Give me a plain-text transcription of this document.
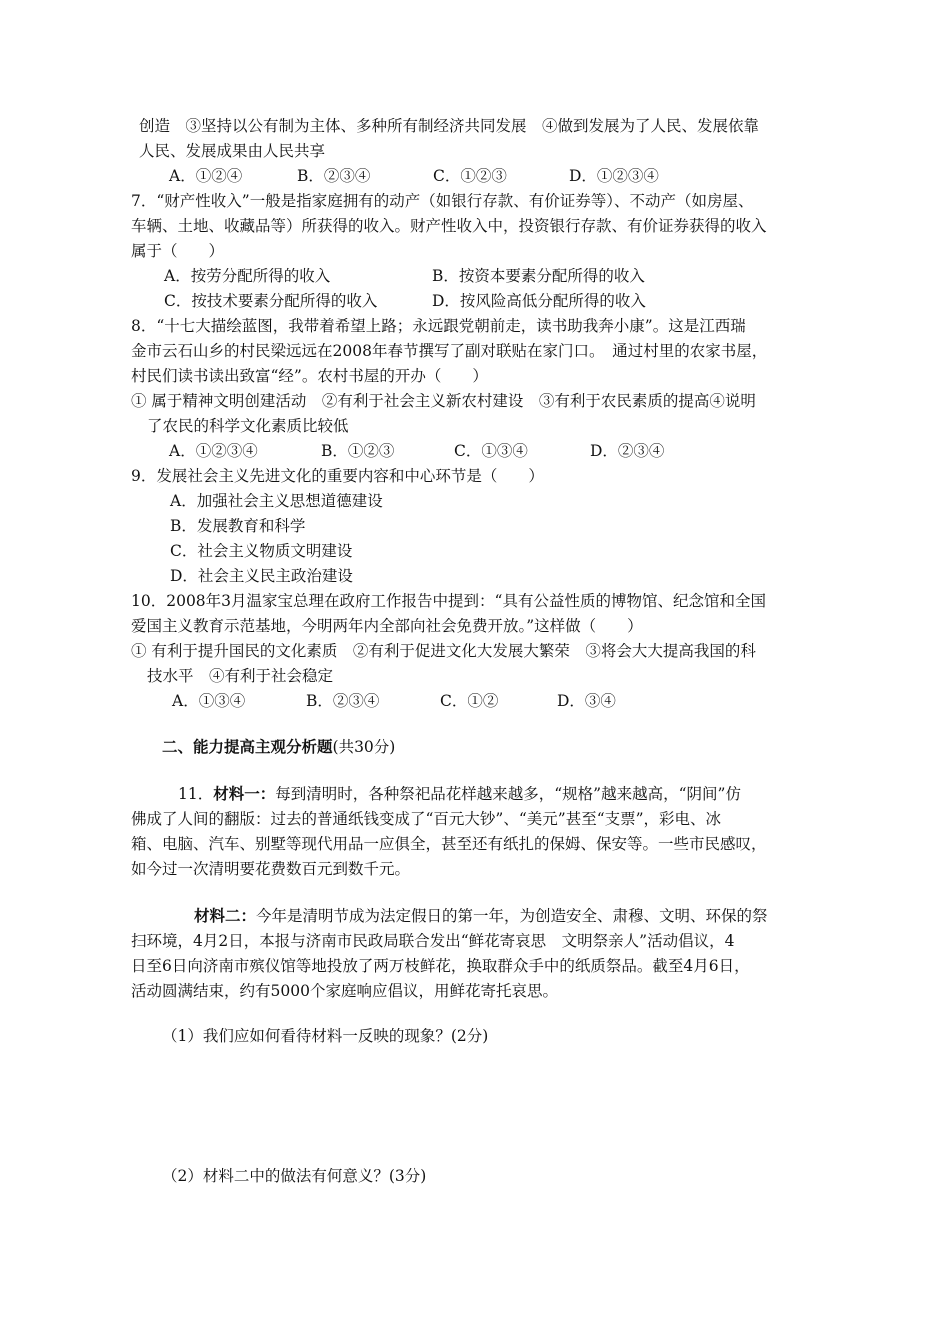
创造　③坚持以公有制为主体、多种所有制经济共同发展　④做到发展为了人民、发展依靠
人民、发展成果由人民共享
A．①②④	B．②③④	C．①②③	D．①②③④
7．“财产性收入”一般是指家庭拥有的动产（如银行存款、有价证券等）、不动产（如房屋、
车辆、土地、收藏品等）所获得的收入。财产性收入中，投资银行存款、有价证券获得的收入
属于（　　）
A．按劳分配所得的收入	B．按资本要素分配所得的收入
C．按技术要素分配所得的收入	D．按风险高低分配所得的收入
8．“十七大描绘蓝图，我带着希望上路；永远跟党朝前走，读书助我奔小康”。这是江西瑞
金市云石山乡的村民梁远远在2008年春节撰写了副对联贴在家门口。　通过村里的农家书屋，
村民们读书读出致富“经”。农村书屋的开办（　　）
① 属于精神文明创建活动　②有利于社会主义新农村建设　③有利于农民素质的提高④说明
了农民的科学文化素质比较低
A．①②③④	B．①②③	C．①③④	D．②③④
9．发展社会主义先进文化的重要内容和中心环节是（　　）
A．加强社会主义思想道德建设
B．发展教育和科学
C．社会主义物质文明建设
D．社会主义民主政治建设
10．2008年3月温家宝总理在政府工作报告中提到：“具有公益性质的博物馆、纪念馆和全国
爱国主义教育示范基地，今明两年内全部向社会免费开放。”这样做（　　）
① 有利于提升国民的文化素质　②有利于促进文化大发展大繁荣　③将会大大提高我国的科
技水平　④有利于社会稳定
A．①③④	B．②③④	C．①②	D．③④
二、能力提高主观分析题(共30分)
11．材料一：每到清明时，各种祭祀品花样越来越多，“规格”越来越高，“阴间”仿
佛成了人间的翻版：过去的普通纸钱变成了“百元大钞”、“美元”甚至“支票”，彩电、冰
箱、电脑、汽车、别墅等现代用品一应俱全，甚至还有纸扎的保姆、保安等。一些市民感叹，
如今过一次清明要花费数百元到数千元。
材料二：今年是清明节成为法定假日的第一年，为创造安全、肃穆、文明、环保的祭
扫环境，4月2日，本报与济南市民政局联合发出“鲜花寄哀思　文明祭亲人”活动倡议，4
日至6日向济南市殡仪馆等地投放了两万枝鲜花，换取群众手中的纸质祭品。截至4月6日，
活动圆满结束，约有5000个家庭响应倡议，用鲜花寄托哀思。
（1）我们应如何看待材料一反映的现象？(2分)
（2）材料二中的做法有何意义？(3分)
